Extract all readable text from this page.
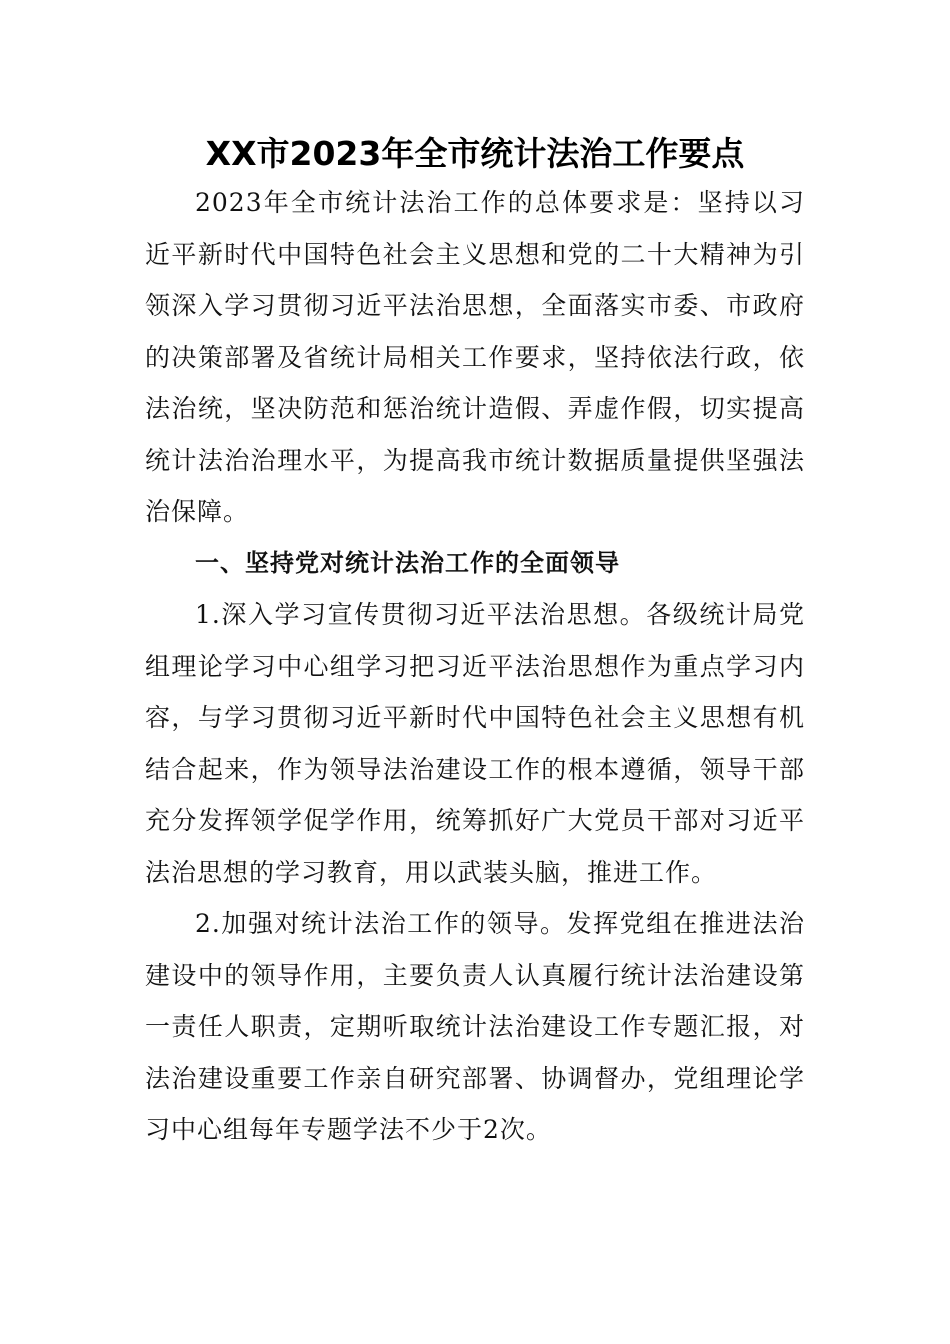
XX市2023年全市统计法治工作要点

2023年全市统计法治工作的总体要求是：坚持以习近平新时代中国特色社会主义思想和党的二十大精神为引领深入学习贯彻习近平法治思想，全面落实市委、市政府的决策部署及省统计局相关工作要求，坚持依法行政，依法治统，坚决防范和惩治统计造假、弄虚作假，切实提高统计法治治理水平，为提高我市统计数据质量提供坚强法治保障。

一、坚持党对统计法治工作的全面领导

1.深入学习宣传贯彻习近平法治思想。各级统计局党组理论学习中心组学习把习近平法治思想作为重点学习内容，与学习贯彻习近平新时代中国特色社会主义思想有机结合起来，作为领导法治建设工作的根本遵循，领导干部充分发挥领学促学作用，统筹抓好广大党员干部对习近平法治思想的学习教育，用以武装头脑，推进工作。

2.加强对统计法治工作的领导。发挥党组在推进法治建设中的领导作用，主要负责人认真履行统计法治建设第一责任人职责，定期听取统计法治建设工作专题汇报，对法治建设重要工作亲自研究部署、协调督办，党组理论学习中心组每年专题学法不少于2次。
